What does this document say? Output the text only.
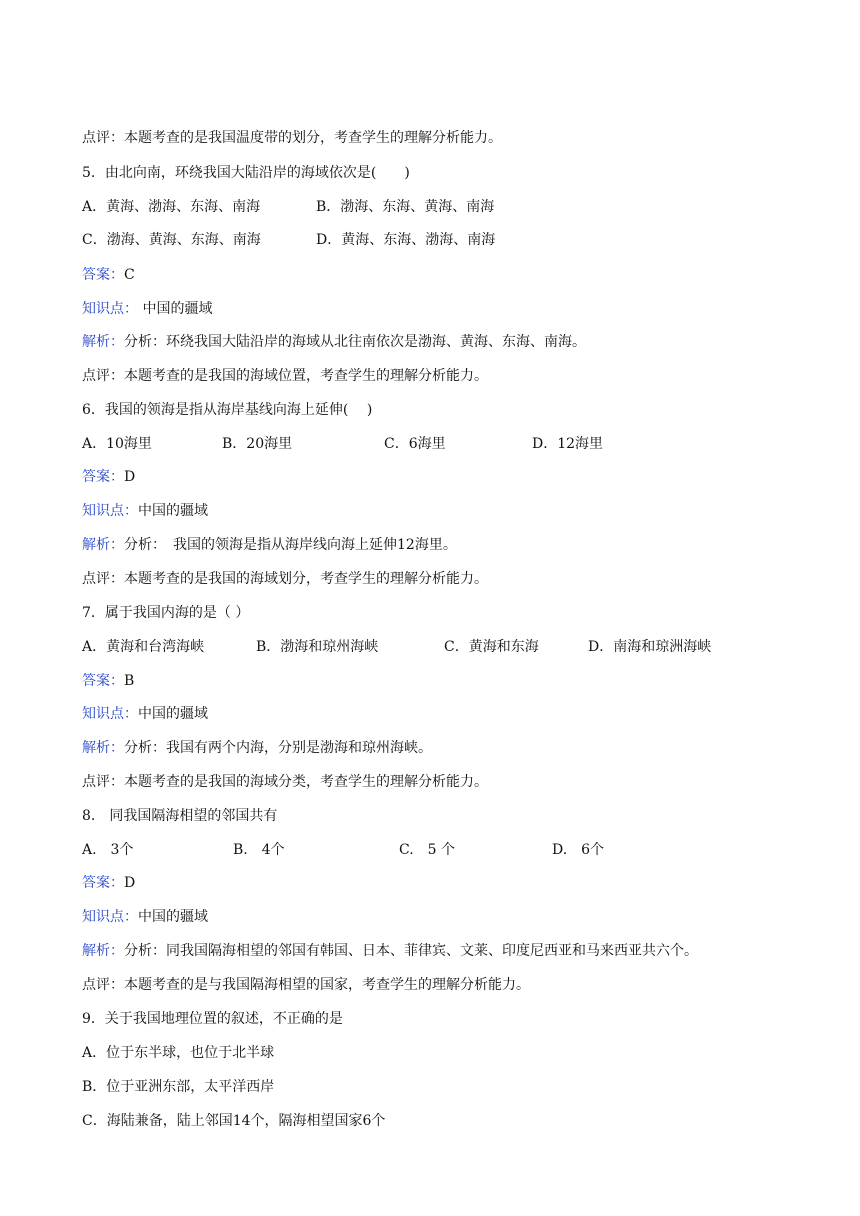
点评：本题考查的是我国温度带的划分，考查学生的理解分析能力。
5．由北向南，环绕我国大陆沿岸的海域依次是(　　)
A．黄海、渤海、东海、南海	B．渤海、东海、黄海、南海
C．渤海、黄海、东海、南海	D．黄海、东海、渤海、南海
答案：C
知识点： 中国的疆域
解析：分析：环绕我国大陆沿岸的海域从北往南依次是渤海、黄海、东海、南海。
点评：本题考查的是我国的海域位置，考查学生的理解分析能力。
6．我国的领海是指从海岸基线向海上延伸(　 )
A．10海里	B．20海里	C．6海里	D．12海里
答案：D
知识点：中国的疆域
解析：分析：　我国的领海是指从海岸线向海上延伸12海里。
点评：本题考查的是我国的海域划分，考查学生的理解分析能力。
7．属于我国内海的是（ ）
A．黄海和台湾海峡	B．渤海和琼州海峡	C．黄海和东海	D．南海和琼洲海峡
答案：B
知识点：中国的疆域
解析：分析：我国有两个内海，分别是渤海和琼州海峡。
点评：本题考查的是我国的海域分类，考查学生的理解分析能力。
8.　同我国隔海相望的邻国共有
A.　3个	B.　4个	C.　5 个	D.　6个
答案：D
知识点：中国的疆域
解析：分析：同我国隔海相望的邻国有韩国、日本、菲律宾、文莱、印度尼西亚和马来西亚共六个。
点评：本题考查的是与我国隔海相望的国家，考查学生的理解分析能力。
9．关于我国地理位置的叙述，不正确的是
A．位于东半球，也位于北半球
B．位于亚洲东部，太平洋西岸
C．海陆兼备，陆上邻国14个，隔海相望国家6个
